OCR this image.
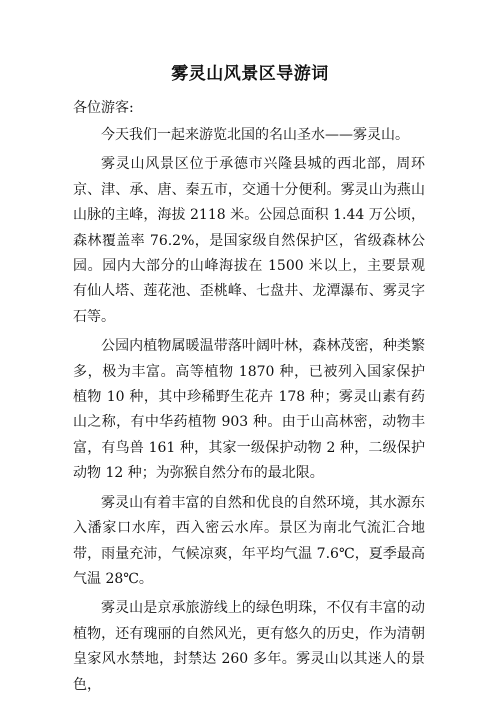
雾灵山风景区导游词
各位游客:

今天我们一起来游览北国的名山圣水——雾灵山。

雾灵山风景区位于承德市兴隆县城的西北部，周环京、津、承、唐、秦五市，交通十分便利。雾灵山为燕山山脉的主峰，海拔 2118 米。公园总面积 1.44 万公顷，森林覆盖率 76.2%，是国家级自然保护区，省级森林公园。园内大部分的山峰海拔在 1500 米以上，主要景观有仙人塔、莲花池、歪桃峰、七盘井、龙潭瀑布、雾灵字石等。

公园内植物属暖温带落叶阔叶林，森林茂密，种类繁多，极为丰富。高等植物 1870 种，已被列入国家保护植物 10 种，其中珍稀野生花卉 178 种；雾灵山素有药山之称，有中华药植物 903 种。由于山高林密，动物丰富，有鸟兽 161 种，其家一级保护动物 2 种，二级保护动物 12 种；为弥猴自然分布的最北限。

雾灵山有着丰富的自然和优良的自然环境，其水源东入潘家口水库，西入密云水库。景区为南北气流汇合地带，雨量充沛，气候凉爽，年平均气温 7.6℃，夏季最高气温 28℃。

雾灵山是京承旅游线上的绿色明珠，不仅有丰富的动植物，还有瑰丽的自然风光，更有悠久的历史，作为清朝皇家风水禁地，封禁达 260 多年。雾灵山以其迷人的景色，
